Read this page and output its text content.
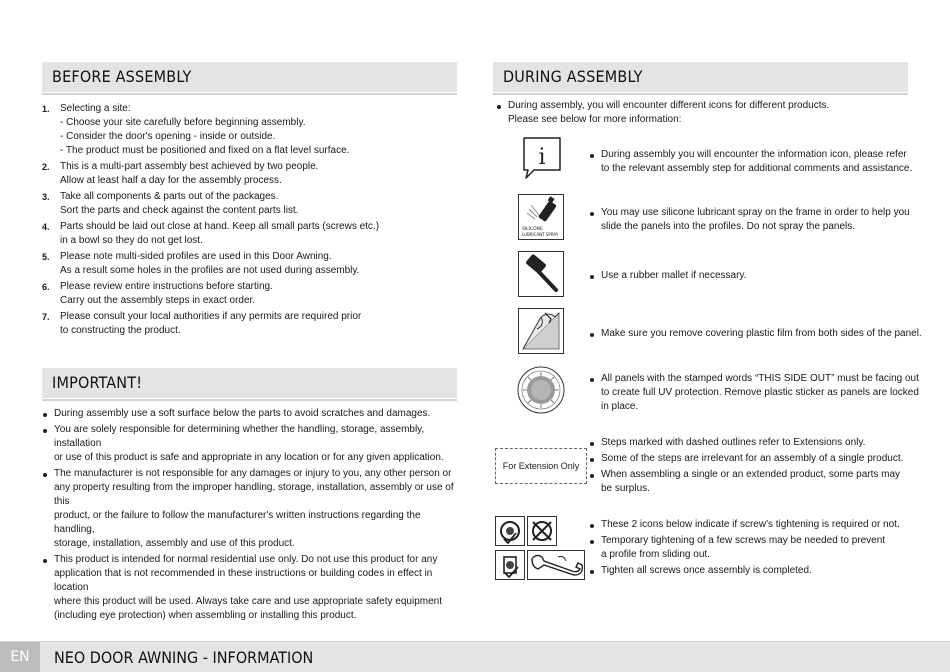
BEFORE ASSEMBLY
1. Selecting a site:
- Choose your site carefully before beginning assembly.
- Consider the door's opening - inside or outside.
- The product must be positioned and fixed on a flat level surface.
2. This is a multi-part assembly best achieved by two people.
Allow at least half a day for the assembly process.
3. Take all components & parts out of the packages.
Sort the parts and check against the content parts list.
4. Parts should be laid out close at hand. Keep all small parts (screws etc.)
in a bowl so they do not get lost.
5. Please note multi-sided profiles are used in this Door Awning.
As a result some holes in the profiles are not used during assembly.
6. Please review entire instructions before starting.
Carry out the assembly steps in exact order.
7. Please consult your local authorities if any permits are required prior
to constructing the product.
IMPORTANT!
During assembly use a soft surface below the parts to avoid scratches and damages.
You are solely responsible for determining whether the handling, storage, assembly, installation
or use of this product is safe and appropriate in any location or for any given application.
The manufacturer is not responsible for any damages or injury to you, any other person or
any property resulting from the improper handling, storage, installation, assembly or use of this
product, or the failure to follow the manufacturer's written instructions regarding the handling,
storage, installation, assembly and use of this product.
This product is intended for normal residential use only. Do not use this product for any
application that is not recommended in these instructions or building codes in effect in location
where this product will be used. Always take care and use appropriate safety equipment
(including eye protection) when assembling or installing this product.
DURING ASSEMBLY
During assembly, you will encounter different icons for different products.
Please see below for more information:
i	During assembly you will encounter the information icon, please refer
to the relevant assembly step for additional comments and assistance.
SILICONE
LUBRICANT SPRAY
You may use silicone lubricant spray on the frame in order to help you
slide the panels into the profiles. Do not spray the panels.
Use a rubber mallet if necessary.
Make sure you remove covering plastic film from both sides of the panel.
All panels with the stamped words “THIS SIDE OUT” must be facing out
to create full UV protection. Remove plastic sticker as panels are locked
in place.
For Extension Only
Steps marked with dashed outlines refer to Extensions only.
Some of the steps are irrelevant for an assembly of a single product.
When assembling a single or an extended product, some parts may
be surplus.
These 2 icons below indicate if screw's tightening is required or not.
Temporary tightening of a few screws may be needed to prevent
a profile from sliding out.
Tighten all screws once assembly is completed.
EN	NEO DOOR AWNING - INFORMATION
